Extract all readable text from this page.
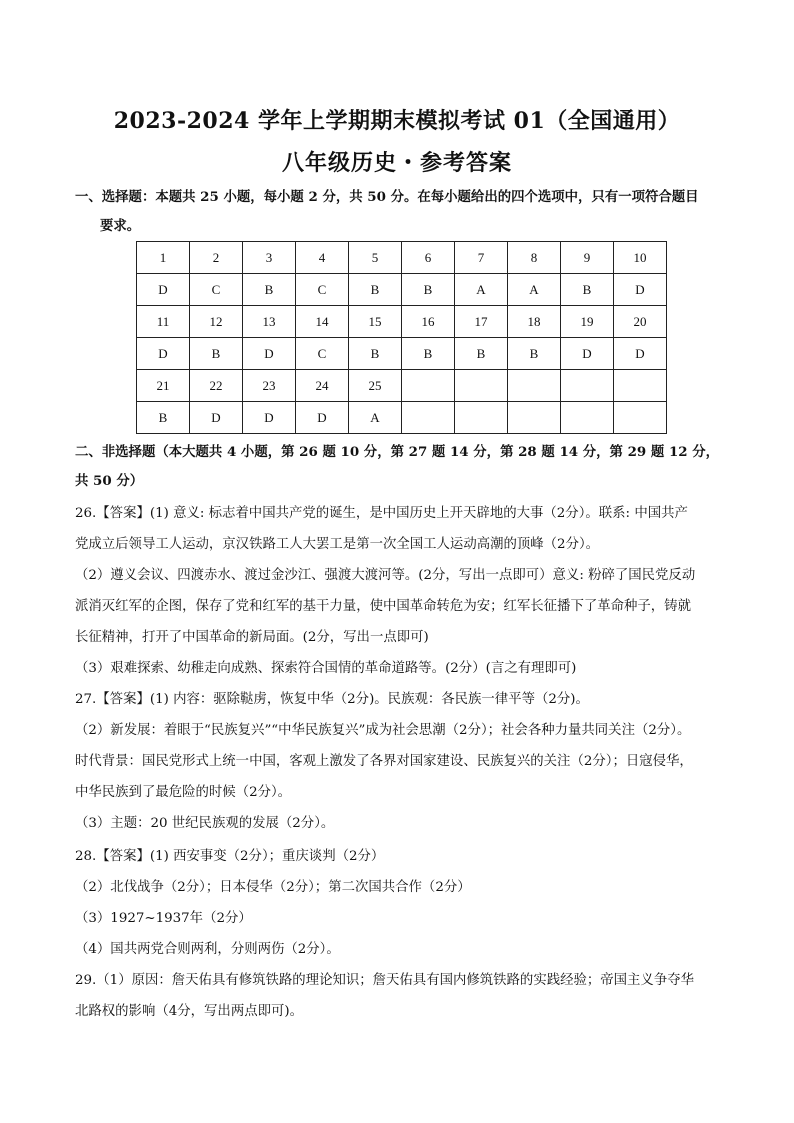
2023-2024 学年上学期期末模拟考试 01（全国通用）
八年级历史・参考答案
一、选择题：本题共 25 小题，每小题 2 分，共 50 分。在每小题给出的四个选项中，只有一项符合题目
要求。
1	2	3	4	5	6	7	8	9	10
D	C	B	C	B	B	A	A	B	D
11	12	13	14	15	16	17	18	19	20
D	B	D	C	B	B	B	B	D	D
21	22	23	24	25					
B	D	D	D	A					
二、非选择题（本大题共 4 小题，第 26 题 10 分，第 27 题 14 分，第 28 题 14 分，第 29 题 12 分，
共 50 分）
26.【答案】(1) 意义: 标志着中国共产党的诞生，是中国历史上开天辟地的大事（2分）。联系: 中国共产
党成立后领导工人运动，京汉铁路工人大罢工是第一次全国工人运动高潮的顶峰（2分）。
（2）遵义会议、四渡赤水、渡过金沙江、强渡大渡河等。(2分，写出一点即可）意义: 粉碎了国民党反动
派消灭红军的企图，保存了党和红军的基干力量，使中国革命转危为安；红军长征播下了革命种子，铸就
长征精神，打开了中国革命的新局面。(2分，写出一点即可)
（3）艰难探索、幼稚走向成熟、探索符合国情的革命道路等。(2分）(言之有理即可)
27.【答案】(1) 内容：驱除鞑虏，恢复中华（2分)。民族观：各民族一律平等（2分)。
（2）新发展：着眼于“民族复兴”“中华民族复兴”成为社会思潮（2分）；社会各种力量共同关注（2分）。
时代背景：国民党形式上统一中国，客观上激发了各界对国家建设、民族复兴的关注（2分）；日寇侵华，
中华民族到了最危险的时候（2分）。
（3）主题：20 世纪民族观的发展（2分）。
28.【答案】(1) 西安事变（2分）；重庆谈判（2分）
（2）北伐战争（2分）；日本侵华（2分）；第二次国共合作（2分）
（3）1927~1937年（2分）
（4）国共两党合则两利，分则两伤（2分）。
29.（1）原因：詹天佑具有修筑铁路的理论知识；詹天佑具有国内修筑铁路的实践经验；帝国主义争夺华
北路权的影响（4分，写出两点即可)。
